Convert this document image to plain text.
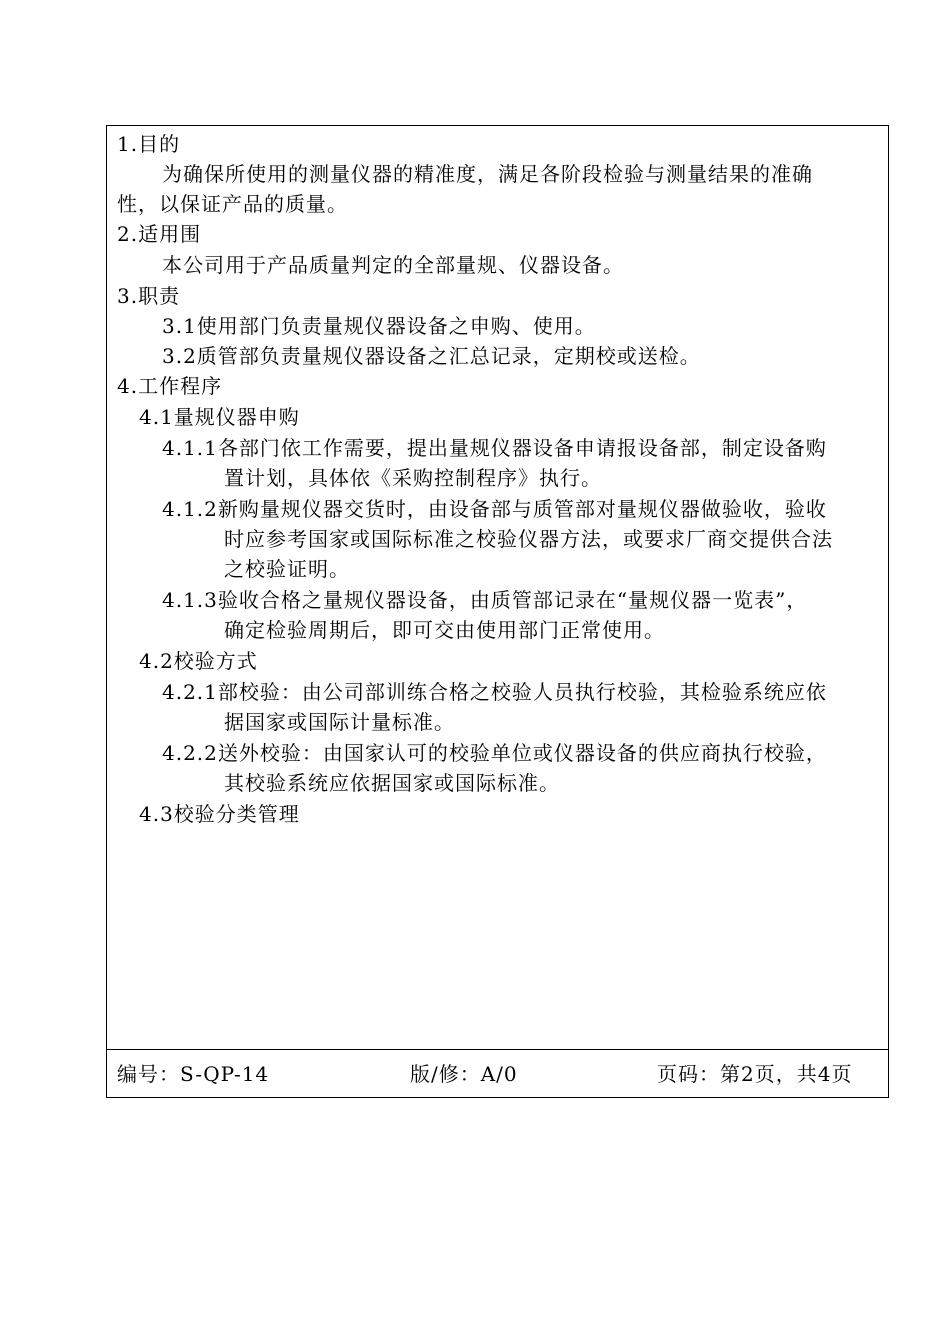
1.目的
为确保所使用的测量仪器的精准度，满足各阶段检验与测量结果的准确
性，以保证产品的质量。
2.适用围
本公司用于产品质量判定的全部量规、仪器设备。
3.职责
3.1使用部门负责量规仪器设备之申购、使用。
3.2质管部负责量规仪器设备之汇总记录，定期校或送检。
4.工作程序
4.1量规仪器申购
4.1.1各部门依工作需要，提出量规仪器设备申请报设备部，制定设备购
置计划，具体依《采购控制程序》执行。
4.1.2新购量规仪器交货时，由设备部与质管部对量规仪器做验收，验收
时应参考国家或国际标准之校验仪器方法，或要求厂商交提供合法
之校验证明。
4.1.3验收合格之量规仪器设备，由质管部记录在“量规仪器一览表”，
确定检验周期后，即可交由使用部门正常使用。
4.2校验方式
4.2.1部校验：由公司部训练合格之校验人员执行校验，其检验系统应依
据国家或国际计量标准。
4.2.2送外校验：由国家认可的校验单位或仪器设备的供应商执行校验，
其校验系统应依据国家或国际标准。
4.3校验分类管理
编号：S-QP-14	版/修：A/0	页码：第2页，共4页
